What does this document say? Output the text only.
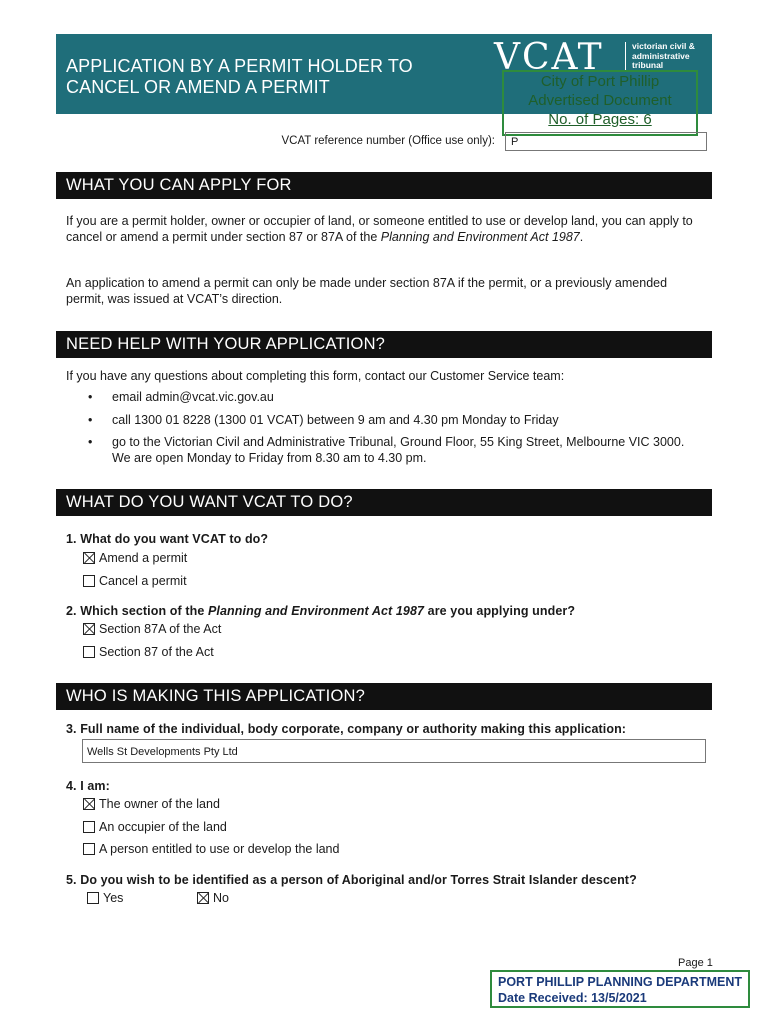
APPLICATION BY A PERMIT HOLDER TO
CANCEL OR AMEND A PERMIT
VCAT	victorian civil & administrative tribunal
City of Port Phillip
Advertised Document
No. of Pages: 6
VCAT reference number (Office use only):	P
WHAT YOU CAN APPLY FOR
If you are a permit holder, owner or occupier of land, or someone entitled to use or develop land, you can apply to cancel or amend a permit under section 87 or 87A of the Planning and Environment Act 1987.
An application to amend a permit can only be made under section 87A if the permit, or a previously amended permit, was issued at VCAT’s direction.
NEED HELP WITH YOUR APPLICATION?
If you have any questions about completing this form, contact our Customer Service team:
• email admin@vcat.vic.gov.au
• call 1300 01 8228 (1300 01 VCAT) between 9 am and 4.30 pm Monday to Friday
• go to the Victorian Civil and Administrative Tribunal, Ground Floor, 55 King Street, Melbourne VIC 3000. We are open Monday to Friday from 8.30 am to 4.30 pm.
WHAT DO YOU WANT VCAT TO DO?
1. What do you want VCAT to do?
Amend a permit
Cancel a permit
2. Which section of the Planning and Environment Act 1987 are you applying under?
Section 87A of the Act
Section 87 of the Act
WHO IS MAKING THIS APPLICATION?
3. Full name of the individual, body corporate, company or authority making this application:
Wells St Developments Pty Ltd
4. I am:
The owner of the land
An occupier of the land
A person entitled to use or develop the land
5. Do you wish to be identified as a person of Aboriginal and/or Torres Strait Islander descent?
Yes	No
Page 1
PORT PHILLIP PLANNING DEPARTMENT
Date Received: 13/5/2021
